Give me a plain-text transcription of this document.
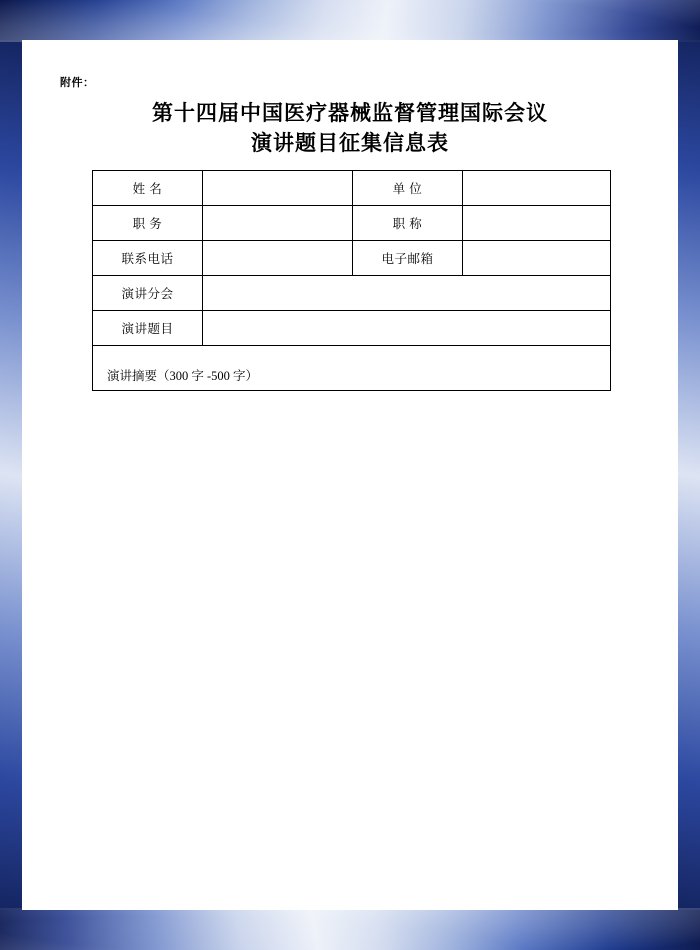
附件：
第十四届中国医疗器械监督管理国际会议
演讲题目征集信息表
姓 名		单 位	
职 务		职 称	
联系电话		电子邮箱	
演讲分会			
演讲题目			

演讲摘要（300 字 -500 字）			
